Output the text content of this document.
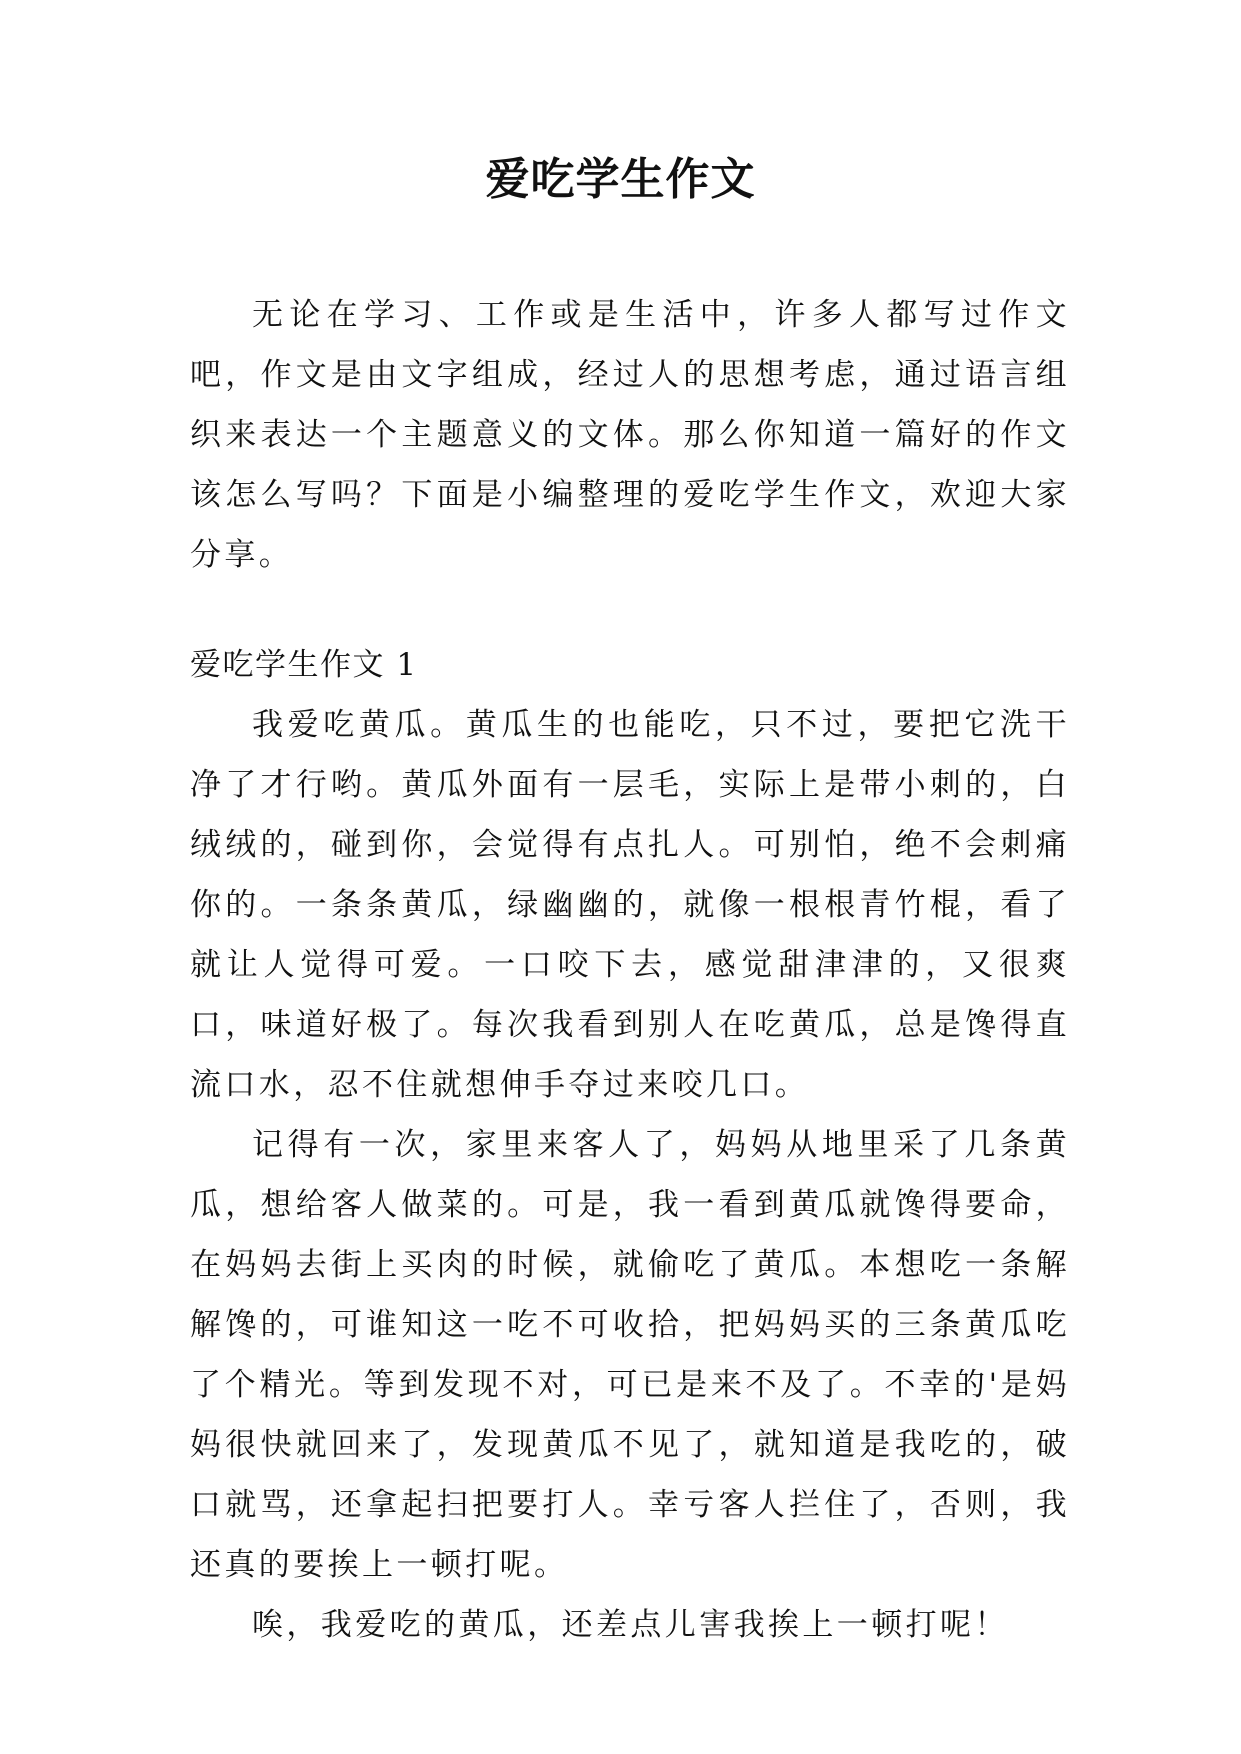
爱吃学生作文

无论在学习、工作或是生活中，许多人都写过作文吧，作文是由文字组成，经过人的思想考虑，通过语言组织来表达一个主题意义的文体。那么你知道一篇好的作文该怎么写吗？下面是小编整理的爱吃学生作文，欢迎大家分享。

爱吃学生作文 1

我爱吃黄瓜。黄瓜生的也能吃，只不过，要把它洗干净了才行哟。黄瓜外面有一层毛，实际上是带小刺的，白绒绒的，碰到你，会觉得有点扎人。可别怕，绝不会刺痛你的。一条条黄瓜，绿幽幽的，就像一根根青竹棍，看了就让人觉得可爱。一口咬下去，感觉甜津津的，又很爽口，味道好极了。每次我看到别人在吃黄瓜，总是馋得直流口水，忍不住就想伸手夺过来咬几口。

记得有一次，家里来客人了，妈妈从地里采了几条黄瓜，想给客人做菜的。可是，我一看到黄瓜就馋得要命，在妈妈去街上买肉的时候，就偷吃了黄瓜。本想吃一条解解馋的，可谁知这一吃不可收拾，把妈妈买的三条黄瓜吃了个精光。等到发现不对，可已是来不及了。不幸的'是妈妈很快就回来了，发现黄瓜不见了，就知道是我吃的，破口就骂，还拿起扫把要打人。幸亏客人拦住了，否则，我还真的要挨上一顿打呢。

唉，我爱吃的黄瓜，还差点儿害我挨上一顿打呢！
